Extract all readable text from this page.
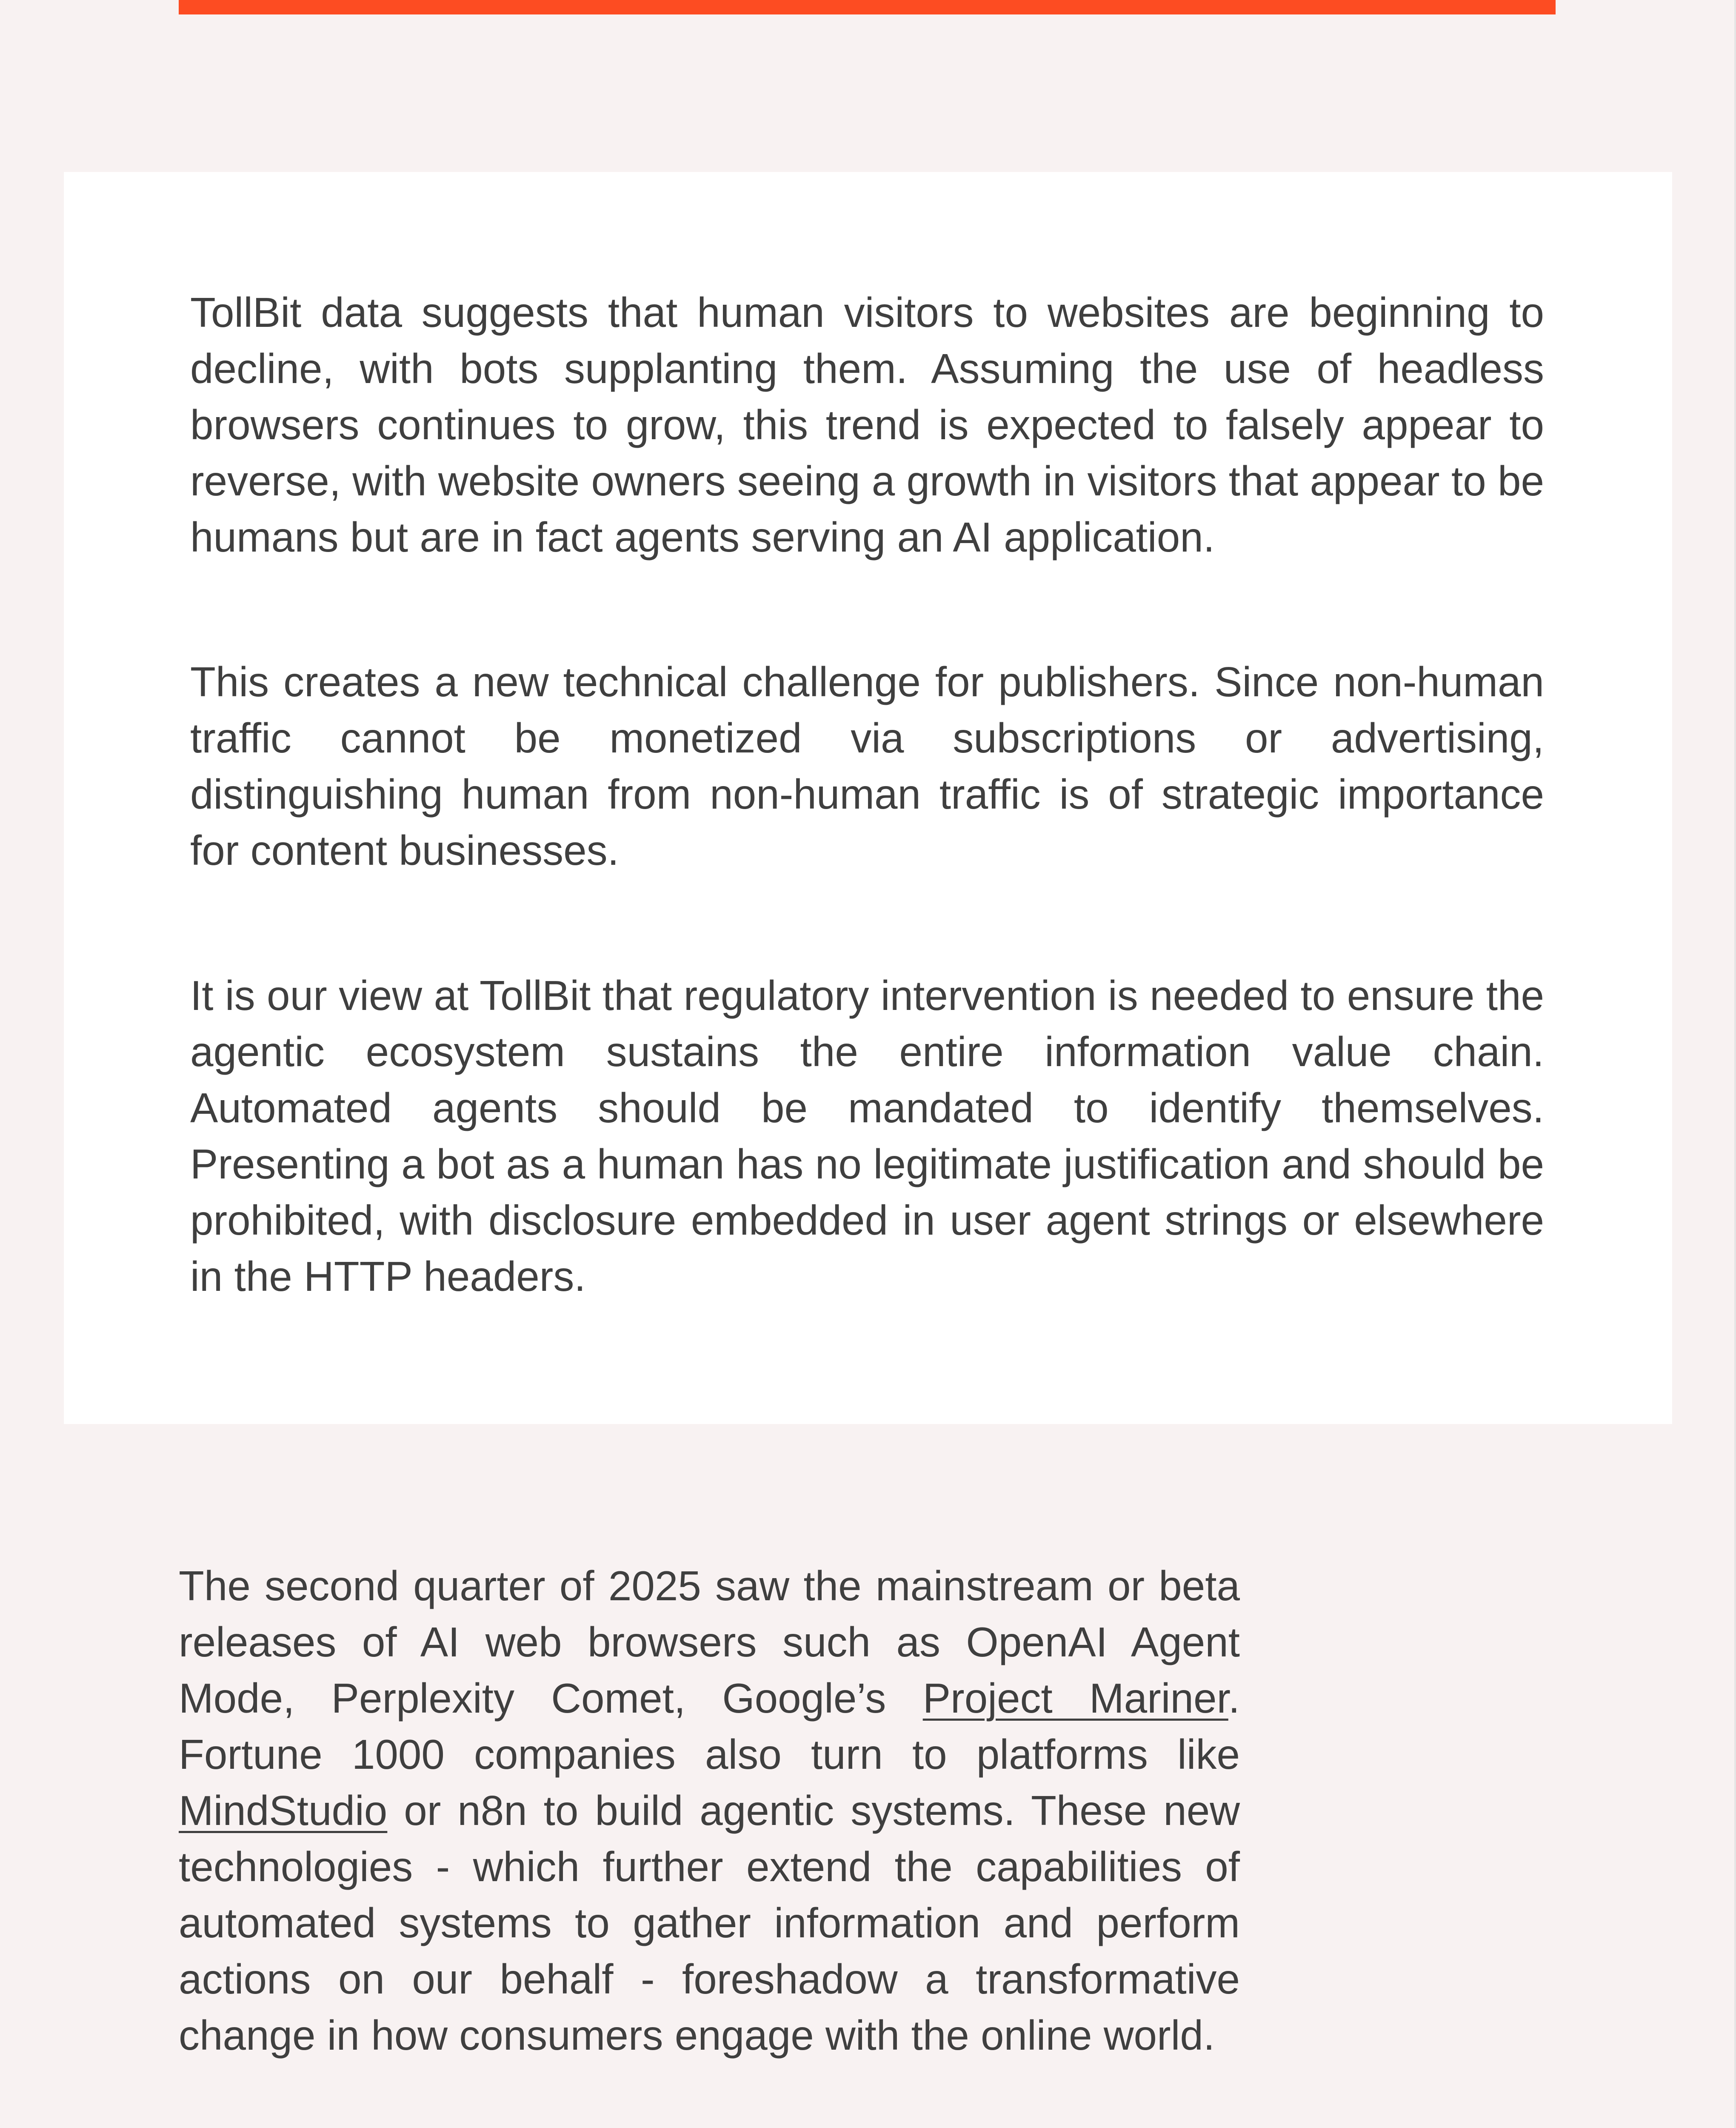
TollBit data suggests that human visitors to websites are beginning to decline, with bots supplanting them. Assuming the use of headless browsers continues to grow, this trend is expected to falsely appear to reverse, with website owners seeing a growth in visitors that appear to be humans but are in fact agents serving an AI application.

This creates a new technical challenge for publishers. Since non-human traffic cannot be monetized via subscriptions or advertising, distinguishing human from non-human traffic is of strategic importance for content businesses.

It is our view at TollBit that regulatory intervention is needed to ensure the agentic ecosystem sustains the entire information value chain. Automated agents should be mandated to identify themselves. Presenting a bot as a human has no legitimate justification and should be prohibited, with disclosure embedded in user agent strings or elsewhere in the HTTP headers.

The second quarter of 2025 saw the mainstream or beta releases of AI web browsers such as OpenAI Agent Mode, Perplexity Comet, Google’s Project Mariner. Fortune 1000 companies also turn to platforms like MindStudio or n8n to build agentic systems. These new technologies - which further extend the capabilities of automated systems to gather information and perform actions on our behalf - foreshadow a transformative change in how consumers engage with the online world.
